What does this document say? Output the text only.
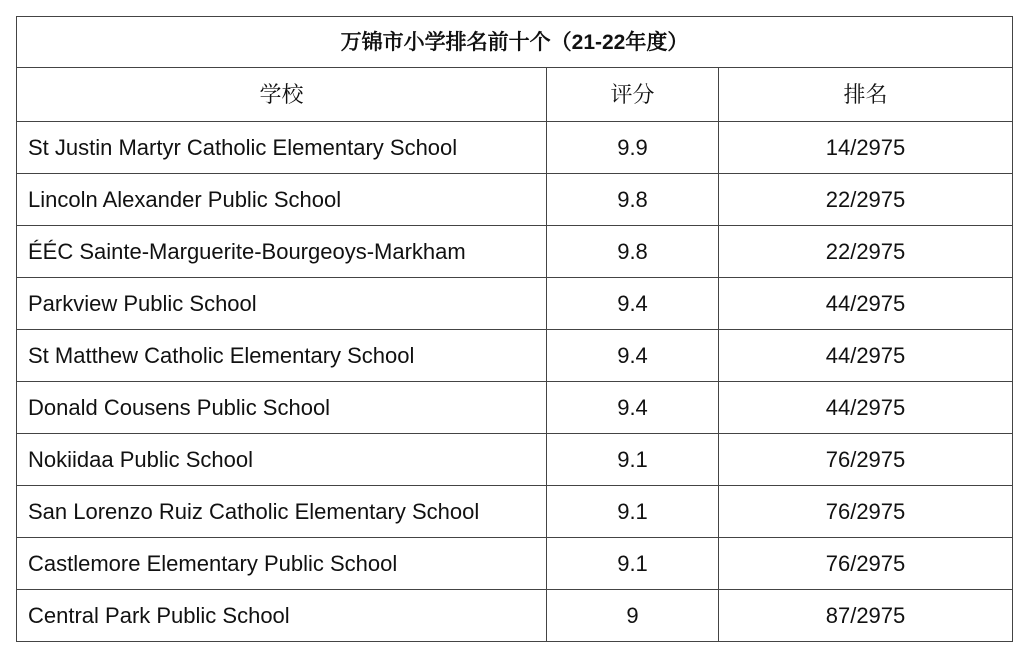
万锦市小学排名前十个（21-22年度）		
学校	评分	排名
St Justin Martyr Catholic Elementary School	9.9	14/2975
Lincoln Alexander Public School	9.8	22/2975
ÉÉC Sainte-Marguerite-Bourgeoys-Markham	9.8	22/2975
Parkview Public School	9.4	44/2975
St Matthew Catholic Elementary School	9.4	44/2975
Donald Cousens Public School	9.4	44/2975
Nokiidaa Public School	9.1	76/2975
San Lorenzo Ruiz Catholic Elementary School	9.1	76/2975
Castlemore Elementary Public School	9.1	76/2975
Central Park Public School	9	87/2975
